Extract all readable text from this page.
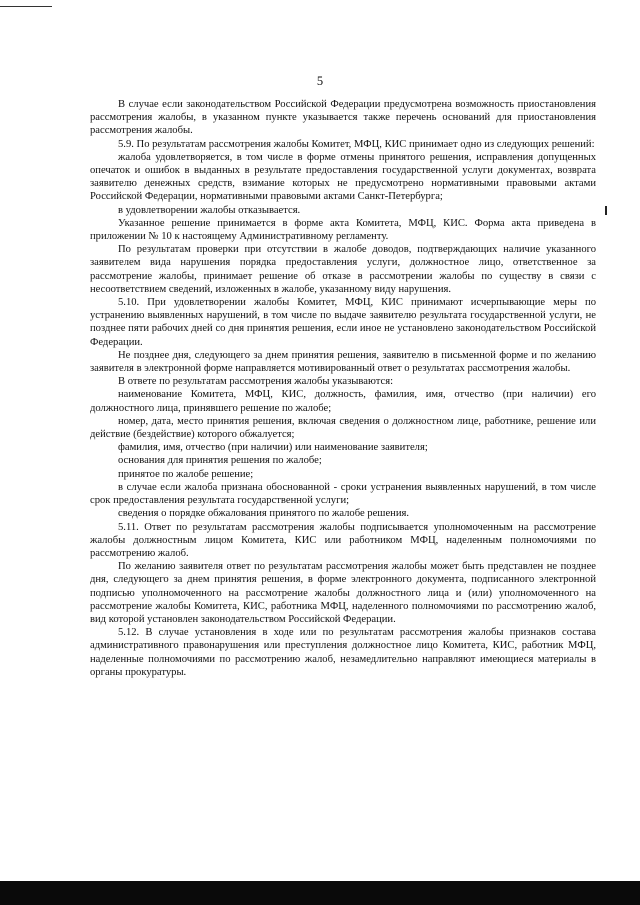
5

В случае если законодательством Российской Федерации предусмотрена возможность приостановления рассмотрения жалобы, в указанном пункте указывается также перечень оснований для приостановления рассмотрения жалобы.

5.9. По результатам рассмотрения жалобы Комитет, МФЦ, КИС принимает одно из следующих решений:

жалоба удовлетворяется, в том числе в форме отмены принятого решения, исправления допущенных опечаток и ошибок в выданных в результате предоставления государственной услуги документах, возврата заявителю денежных средств, взимание которых не предусмотрено нормативными правовыми актами Российской Федерации, нормативными правовыми актами Санкт-Петербурга;

в удовлетворении жалобы отказывается.

Указанное решение принимается в форме акта Комитета, МФЦ, КИС. Форма акта приведена в приложении № 10 к настоящему Административному регламенту.

По результатам проверки при отсутствии в жалобе доводов, подтверждающих наличие указанного заявителем вида нарушения порядка предоставления услуги, должностное лицо, ответственное за рассмотрение жалобы, принимает решение об отказе в рассмотрении жалобы по существу в связи с несоответствием сведений, изложенных в жалобе, указанному виду нарушения.

5.10. При удовлетворении жалобы Комитет, МФЦ, КИС принимают исчерпывающие меры по устранению выявленных нарушений, в том числе по выдаче заявителю результата государственной услуги, не позднее пяти рабочих дней со дня принятия решения, если иное не установлено законодательством Российской Федерации.

Не позднее дня, следующего за днем принятия решения, заявителю в письменной форме и по желанию заявителя в электронной форме направляется мотивированный ответ о результатах рассмотрения жалобы.

В ответе по результатам рассмотрения жалобы указываются:

наименование Комитета, МФЦ, КИС, должность, фамилия, имя, отчество (при наличии) его должностного лица, принявшего решение по жалобе;

номер, дата, место принятия решения, включая сведения о должностном лице, работнике, решение или действие (бездействие) которого обжалуется;

фамилия, имя, отчество (при наличии) или наименование заявителя;

основания для принятия решения по жалобе;

принятое по жалобе решение;

в случае если жалоба признана обоснованной - сроки устранения выявленных нарушений, в том числе срок предоставления результата государственной услуги;

сведения о порядке обжалования принятого по жалобе решения.

5.11. Ответ по результатам рассмотрения жалобы подписывается уполномоченным на рассмотрение жалобы должностным лицом Комитета, КИС или работником МФЦ, наделенным полномочиями по рассмотрению жалоб.

По желанию заявителя ответ по результатам рассмотрения жалобы может быть представлен не позднее дня, следующего за днем принятия решения, в форме электронного документа, подписанного электронной подписью уполномоченного на рассмотрение жалобы должностного лица и (или) уполномоченного на рассмотрение жалобы Комитета, КИС, работника МФЦ, наделенного полномочиями по рассмотрению жалоб, вид которой установлен законодательством Российской Федерации.

5.12. В случае установления в ходе или по результатам рассмотрения жалобы признаков состава административного правонарушения или преступления должностное лицо Комитета, КИС, работник МФЦ, наделенные полномочиями по рассмотрению жалоб, незамедлительно направляют имеющиеся материалы в органы прокуратуры.
